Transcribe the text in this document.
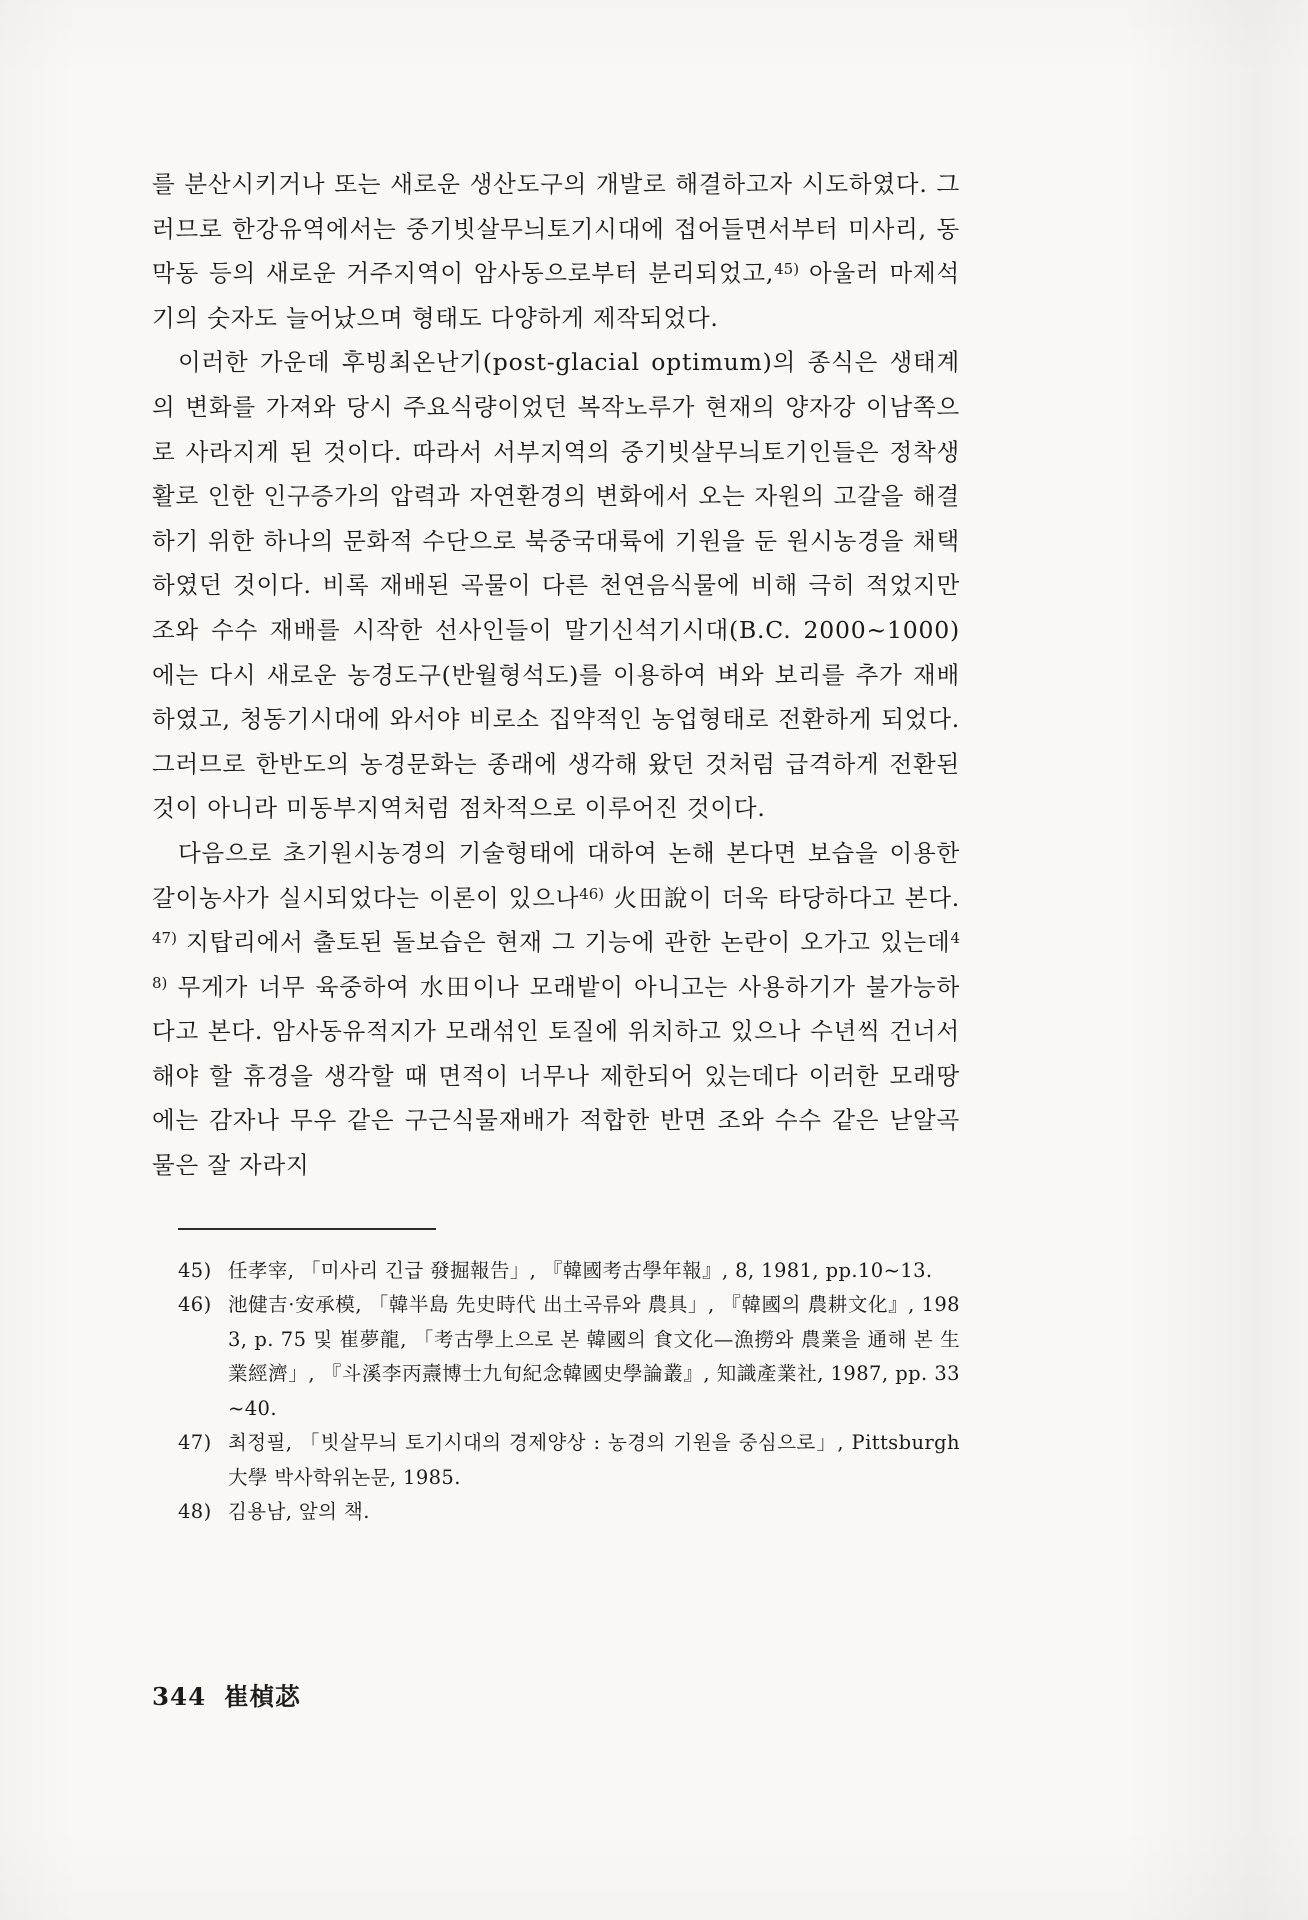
를 분산시키거나 또는 새로운 생산도구의 개발로 해결하고자 시도하였다. 그러므로 한강유역에서는 중기빗살무늬토기시대에 접어들면서부터 미사리, 동막동 등의 새로운 거주지역이 암사동으로부터 분리되었고,$^{45)}$ 아울러 마제석기의 숫자도 늘어났으며 형태도 다양하게 제작되었다.

이러한 가운데 후빙최온난기(post-glacial optimum)의 종식은 생태계의 변화를 가져와 당시 주요식량이었던 복작노루가 현재의 양자강 이남쪽으로 사라지게 된 것이다. 따라서 서부지역의 중기빗살무늬토기인들은 정착생활로 인한 인구증가의 압력과 자연환경의 변화에서 오는 자원의 고갈을 해결하기 위한 하나의 문화적 수단으로 북중국대륙에 기원을 둔 원시농경을 채택하였던 것이다. 비록 재배된 곡물이 다른 천연음식물에 비해 극히 적었지만 조와 수수 재배를 시작한 선사인들이 말기신석기시대(B.C. 2000~1000)에는 다시 새로운 농경도구(반월형석도)를 이용하여 벼와 보리를 추가 재배하였고, 청동기시대에 와서야 비로소 집약적인 농업형태로 전환하게 되었다. 그러므로 한반도의 농경문화는 종래에 생각해 왔던 것처럼 급격하게 전환된 것이 아니라 미동부지역처럼 점차적으로 이루어진 것이다.

다음으로 초기원시농경의 기술형태에 대하여 논해 본다면 보습을 이용한 갈이농사가 실시되었다는 이론이 있으나$^{46)}$ 火田說이 더욱 타당하다고 본다.$^{47)}$ 지탑리에서 출토된 돌보습은 현재 그 기능에 관한 논란이 오가고 있는데$^{48)}$ 무게가 너무 육중하여 水田이나 모래밭이 아니고는 사용하기가 불가능하다고 본다. 암사동유적지가 모래섞인 토질에 위치하고 있으나 수년씩 건너서 해야 할 휴경을 생각할 때 면적이 너무나 제한되어 있는데다 이러한 모래땅에는 감자나 무우 같은 구근식물재배가 적합한 반면 조와 수수 같은 낟알곡물은 잘 자라지

45) 任孝宰, 「미사리 긴급 發掘報告」, 『韓國考古學年報』, 8, 1981, pp.10~13.
46) 池健吉·安承模, 「韓半島 先史時代 出土곡류와 農具」, 『韓國의 農耕文化』, 1983, p. 75 및 崔夢龍, 「考古學上으로 본 韓國의 食文化—漁撈와 農業을 通해 본 生業經濟」, 『斗溪李丙燾博士九旬紀念韓國史學論叢』, 知識產業社, 1987, pp. 33~40.
47) 최정필, 「빗살무늬 토기시대의 경제양상 : 농경의 기원을 중심으로」, Pittsburgh大學 박사학위논문, 1985.
48) 김용남, 앞의 책.
344 崔楨苾
